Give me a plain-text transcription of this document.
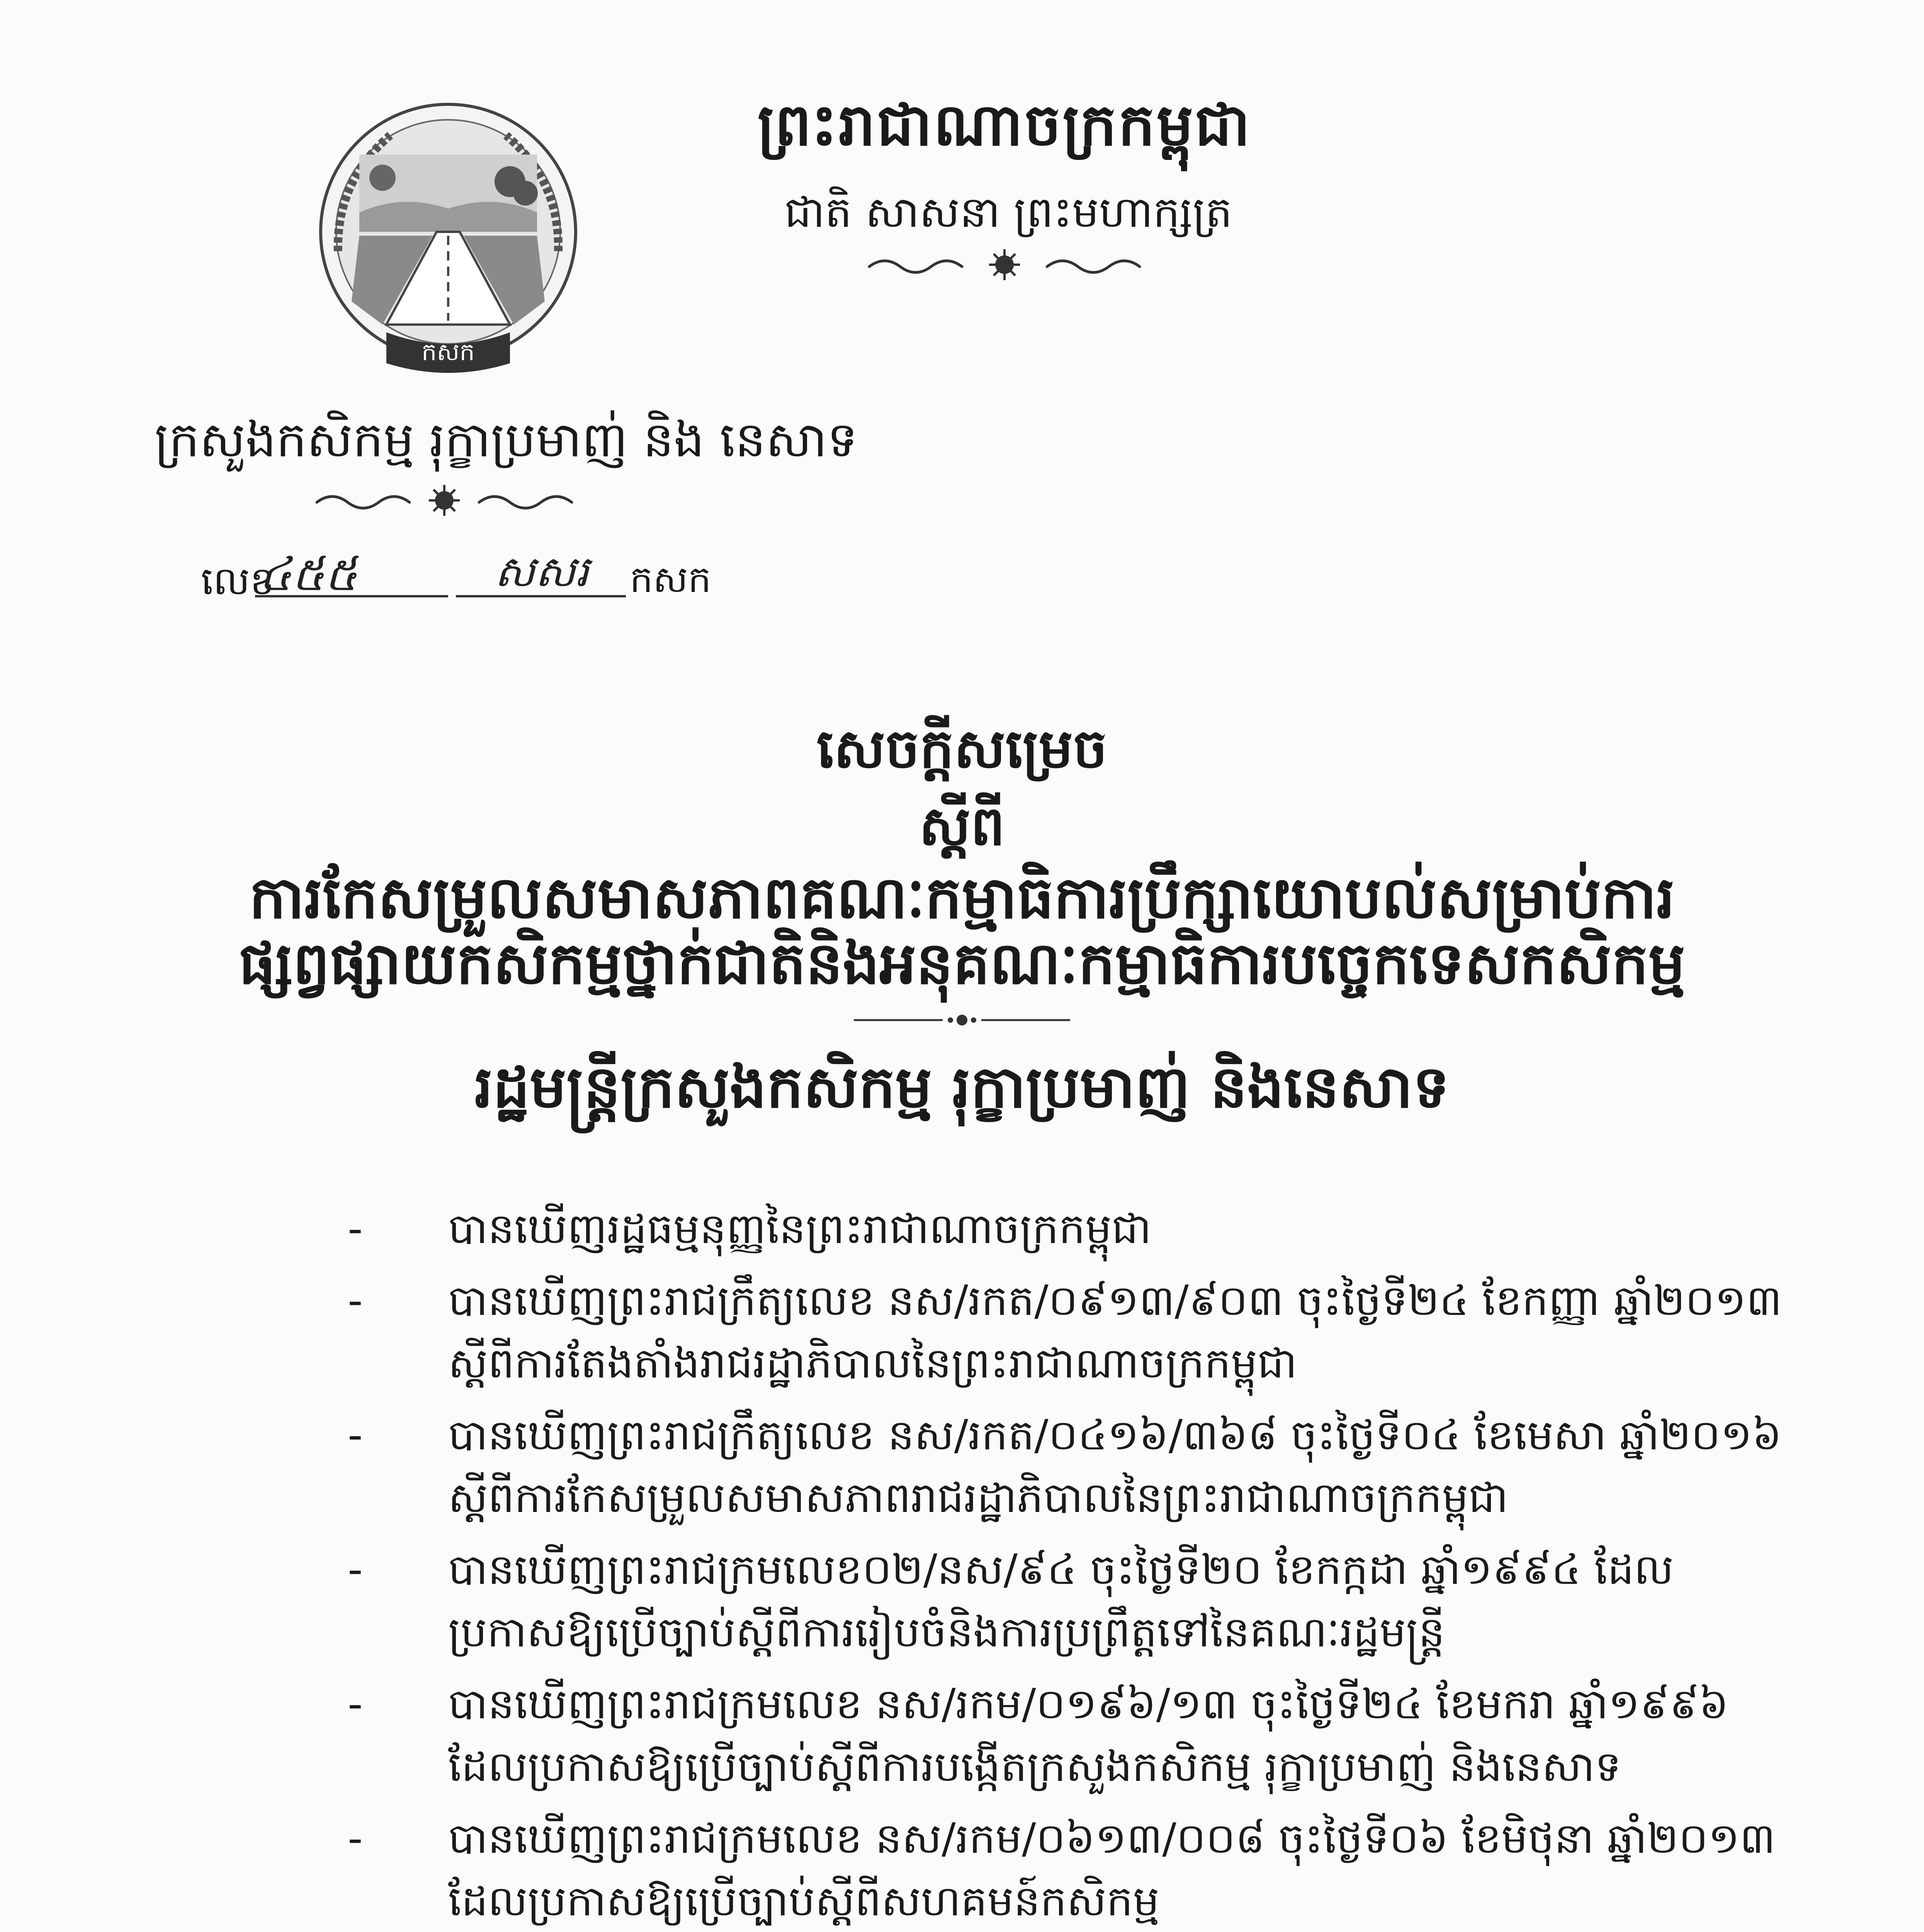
កសក
ព្រះរាជាណាចក្រកម្ពុជា
ជាតិ សាសនា ព្រះមហាក្សត្រ
ក្រសួងកសិកម្ម រុក្ខាប្រមាញ់ និង នេសាទ
លេខ
៤៥៥	សសរ កសក
សេចក្តីសម្រេច
ស្តីពី
ការកែសម្រួលសមាសភាពគណៈកម្មាធិការប្រឹក្សាយោបល់សម្រាប់ការ
ផ្សព្វផ្សាយកសិកម្មថ្នាក់ជាតិនិងអនុគណៈកម្មាធិការបច្ចេកទេសកសិកម្ម
រដ្ឋមន្ត្រីក្រសួងកសិកម្ម រុក្ខាប្រមាញ់ និងនេសាទ
- បានឃើញរដ្ឋធម្មនុញ្ញនៃព្រះរាជាណាចក្រកម្ពុជា
- បានឃើញព្រះរាជក្រឹត្យលេខ នស/រកត/០៩១៣/៩០៣ ចុះថ្ងៃទី២៤ ខែកញ្ញា ឆ្នាំ២០១៣ ស្តីពីការតែងតាំងរាជរដ្ឋាភិបាលនៃព្រះរាជាណាចក្រកម្ពុជា
- បានឃើញព្រះរាជក្រឹត្យលេខ នស/រកត/០៤១៦/៣៦៨ ចុះថ្ងៃទី០៤ ខែមេសា ឆ្នាំ២០១៦ ស្តីពីការកែសម្រួលសមាសភាពរាជរដ្ឋាភិបាលនៃព្រះរាជាណាចក្រកម្ពុជា
- បានឃើញព្រះរាជក្រមលេខ០២/នស/៩៤ ចុះថ្ងៃទី២០ ខែកក្កដា ឆ្នាំ១៩៩៤ ដែលប្រកាសឱ្យប្រើច្បាប់ស្តីពីការរៀបចំនិងការប្រព្រឹត្តទៅនៃគណៈរដ្ឋមន្ត្រី
- បានឃើញព្រះរាជក្រមលេខ នស/រកម/០១៩៦/១៣ ចុះថ្ងៃទី២៤ ខែមករា ឆ្នាំ១៩៩៦ ដែលប្រកាសឱ្យប្រើច្បាប់ស្តីពីការបង្កើតក្រសួងកសិកម្ម រុក្ខាប្រមាញ់ និងនេសាទ
- បានឃើញព្រះរាជក្រមលេខ នស/រកម/០៦១៣/០០៨ ចុះថ្ងៃទី០៦ ខែមិថុនា ឆ្នាំ២០១៣ ដែលប្រកាសឱ្យប្រើច្បាប់ស្តីពីសហគមន៍កសិកម្ម
